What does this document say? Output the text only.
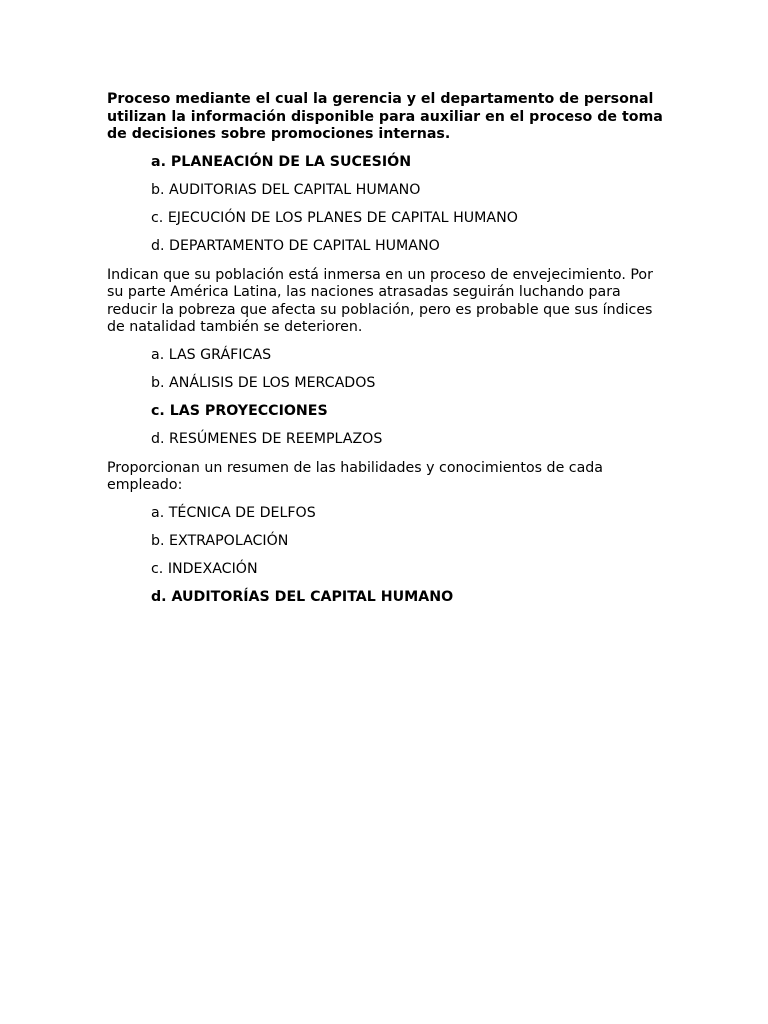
Proceso mediante el cual la gerencia y el departamento de personal utilizan la información disponible para auxiliar en el proceso de toma de decisiones sobre promociones internas.

a. PLANEACIÓN DE LA SUCESIÓN
b. AUDITORIAS DEL CAPITAL HUMANO
c. EJECUCIÓN DE LOS PLANES DE CAPITAL HUMANO
d. DEPARTAMENTO DE CAPITAL HUMANO

Indican que su población está inmersa en un proceso de envejecimiento. Por su parte América Latina, las naciones atrasadas seguirán luchando para reducir la pobreza que afecta su población, pero es probable que sus índices de natalidad también se deterioren.

a. LAS GRÁFICAS
b. ANÁLISIS DE LOS MERCADOS
c. LAS PROYECCIONES
d. RESÚMENES DE REEMPLAZOS

Proporcionan un resumen de las habilidades y conocimientos de cada empleado:

a. TÉCNICA DE DELFOS
b. EXTRAPOLACIÓN
c. INDEXACIÓN
d. AUDITORÍAS DEL CAPITAL HUMANO
